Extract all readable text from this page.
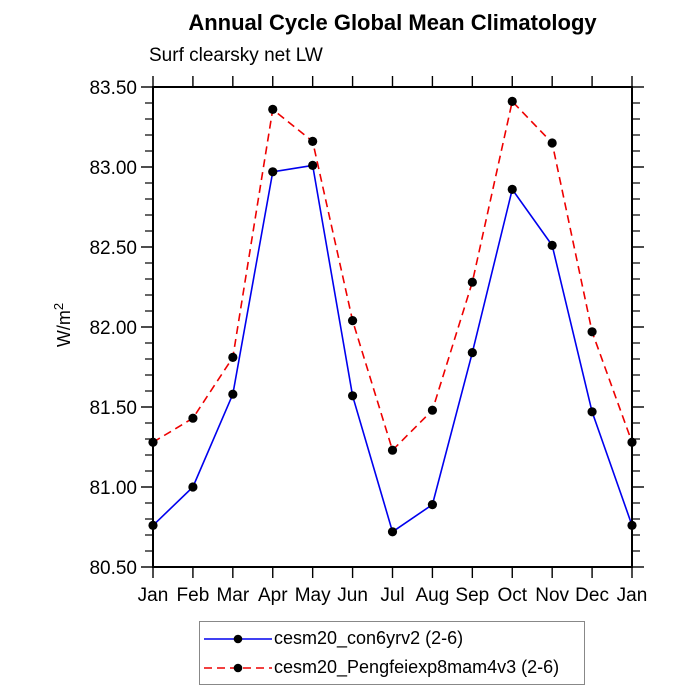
Annual Cycle Global Mean Climatology
Surf clearsky net LW
Jan Feb Mar Apr May Jun Jul Aug Sep Oct Nov Dec Jan
80.50
81.00
81.50
82.00
82.50
83.00
83.50
$W/m^2$
cesm20_con6yrv2 (2-6)
cesm20_Pengfeiexp8mam4v3 (2-6)
